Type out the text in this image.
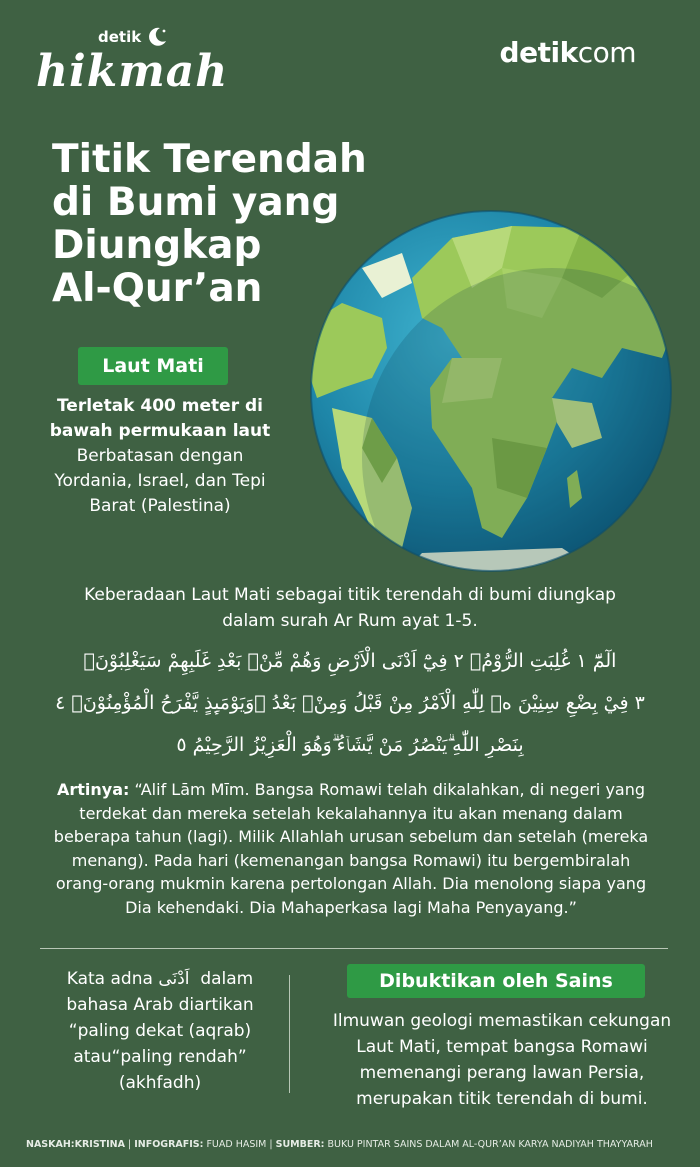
detik
hikmah	detikcom
Titik Terendah
di Bumi yang
Diungkap
Al-Qur’an
Laut Mati
Terletak 400 meter di
bawah permukaan laut
Berbatasan dengan
Yordania, Israel, dan Tepi
Barat (Palestina)
Keberadaan Laut Mati sebagai titik terendah di bumi diungkap
dalam surah Ar Rum ayat 1-5.
الٓمّٓ ١ غُلِبَتِ الرُّوْمُۙ ٢ فِيْٓ اَدْنَى الْاَرْضِ وَهُمْ مِّنْۢ بَعْدِ غَلَبِهِمْ سَيَغْلِبُوْنَۙ
٣ فِيْ بِضْعِ سِنِيْنَ ەۗ لِلّٰهِ الْاَمْرُ مِنْ قَبْلُ وَمِنْۢ بَعْدُ ۗوَيَوْمَىِٕذٍ يَّفْرَحُ الْمُؤْمِنُوْنَۙ ٤
بِنَصْرِ اللّٰهِ ۗيَنْصُرُ مَنْ يَّشَاۤءُ ۗوَهُوَ الْعَزِيْزُ الرَّحِيْمُ ٥
Artinya: “Alif Lām Mīm. Bangsa Romawi telah dikalahkan, di negeri yang
terdekat dan mereka setelah kekalahannya itu akan menang dalam
beberapa tahun (lagi). Milik Allahlah urusan sebelum dan setelah (mereka
menang). Pada hari (kemenangan bangsa Romawi) itu bergembiralah
orang-orang mukmin karena pertolongan Allah. Dia menolong siapa yang
Dia kehendaki. Dia Mahaperkasa lagi Maha Penyayang.”
Kata adna اَدْنَى dalam
bahasa Arab diartikan
“paling dekat (aqrab)
atau“paling rendah”
(akhfadh)
Dibuktikan oleh Sains
Ilmuwan geologi memastikan cekungan
Laut Mati, tempat bangsa Romawi
memenangi perang lawan Persia,
merupakan titik terendah di bumi.
NASKAH:KRISTINA | INFOGRAFIS: FUAD HASIM | SUMBER: BUKU PINTAR SAINS DALAM AL-QUR’AN KARYA NADIYAH THAYYARAH
